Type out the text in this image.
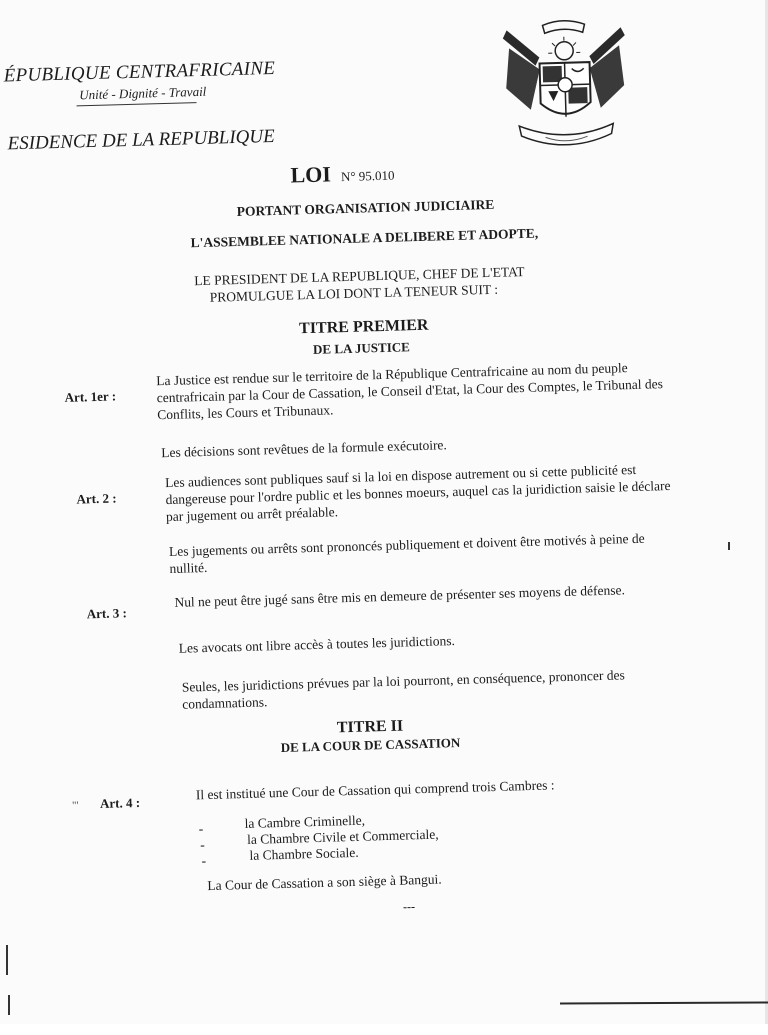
ÉPUBLIQUE CENTRAFRICAINE
Unité - Dignité - Travail
ESIDENCE DE LA REPUBLIQUE
LOI N° 95.010
PORTANT ORGANISATION JUDICIAIRE
L'ASSEMBLEE NATIONALE A DELIBERE ET ADOPTE,
LE PRESIDENT DE LA REPUBLIQUE, CHEF DE L'ETAT
PROMULGUE LA LOI DONT LA TENEUR SUIT :
TITRE PREMIER
DE LA JUSTICE
Art. 1er :
La Justice est rendue sur le territoire de la République Centrafricaine au nom du peuple centrafricain par la Cour de Cassation, le Conseil d'Etat, la Cour des Comptes, le Tribunal des Conflits, les Cours et Tribunaux.
Les décisions sont revêtues de la formule exécutoire.
Art. 2 :
Les audiences sont publiques sauf si la loi en dispose autrement ou si cette publicité est dangereuse pour l'ordre public et les bonnes moeurs, auquel cas la juridiction saisie le déclare par jugement ou arrêt préalable.
Les jugements ou arrêts sont prononcés publiquement et doivent être motivés à peine de nullité.
Art. 3 :
Nul ne peut être jugé sans être mis en demeure de présenter ses moyens de défense.
Les avocats ont libre accès à toutes les juridictions.
Seules, les juridictions prévues par la loi pourront, en conséquence, prononcer des condamnations.
TITRE II
DE LA COUR DE CASSATION
"' Art. 4 :
Il est institué une Cour de Cassation qui comprend trois Cambres :
-	la Cambre Criminelle,
-	la Chambre Civile et Commerciale,
-	la Chambre Sociale.
La Cour de Cassation a son siège à Bangui.
---
